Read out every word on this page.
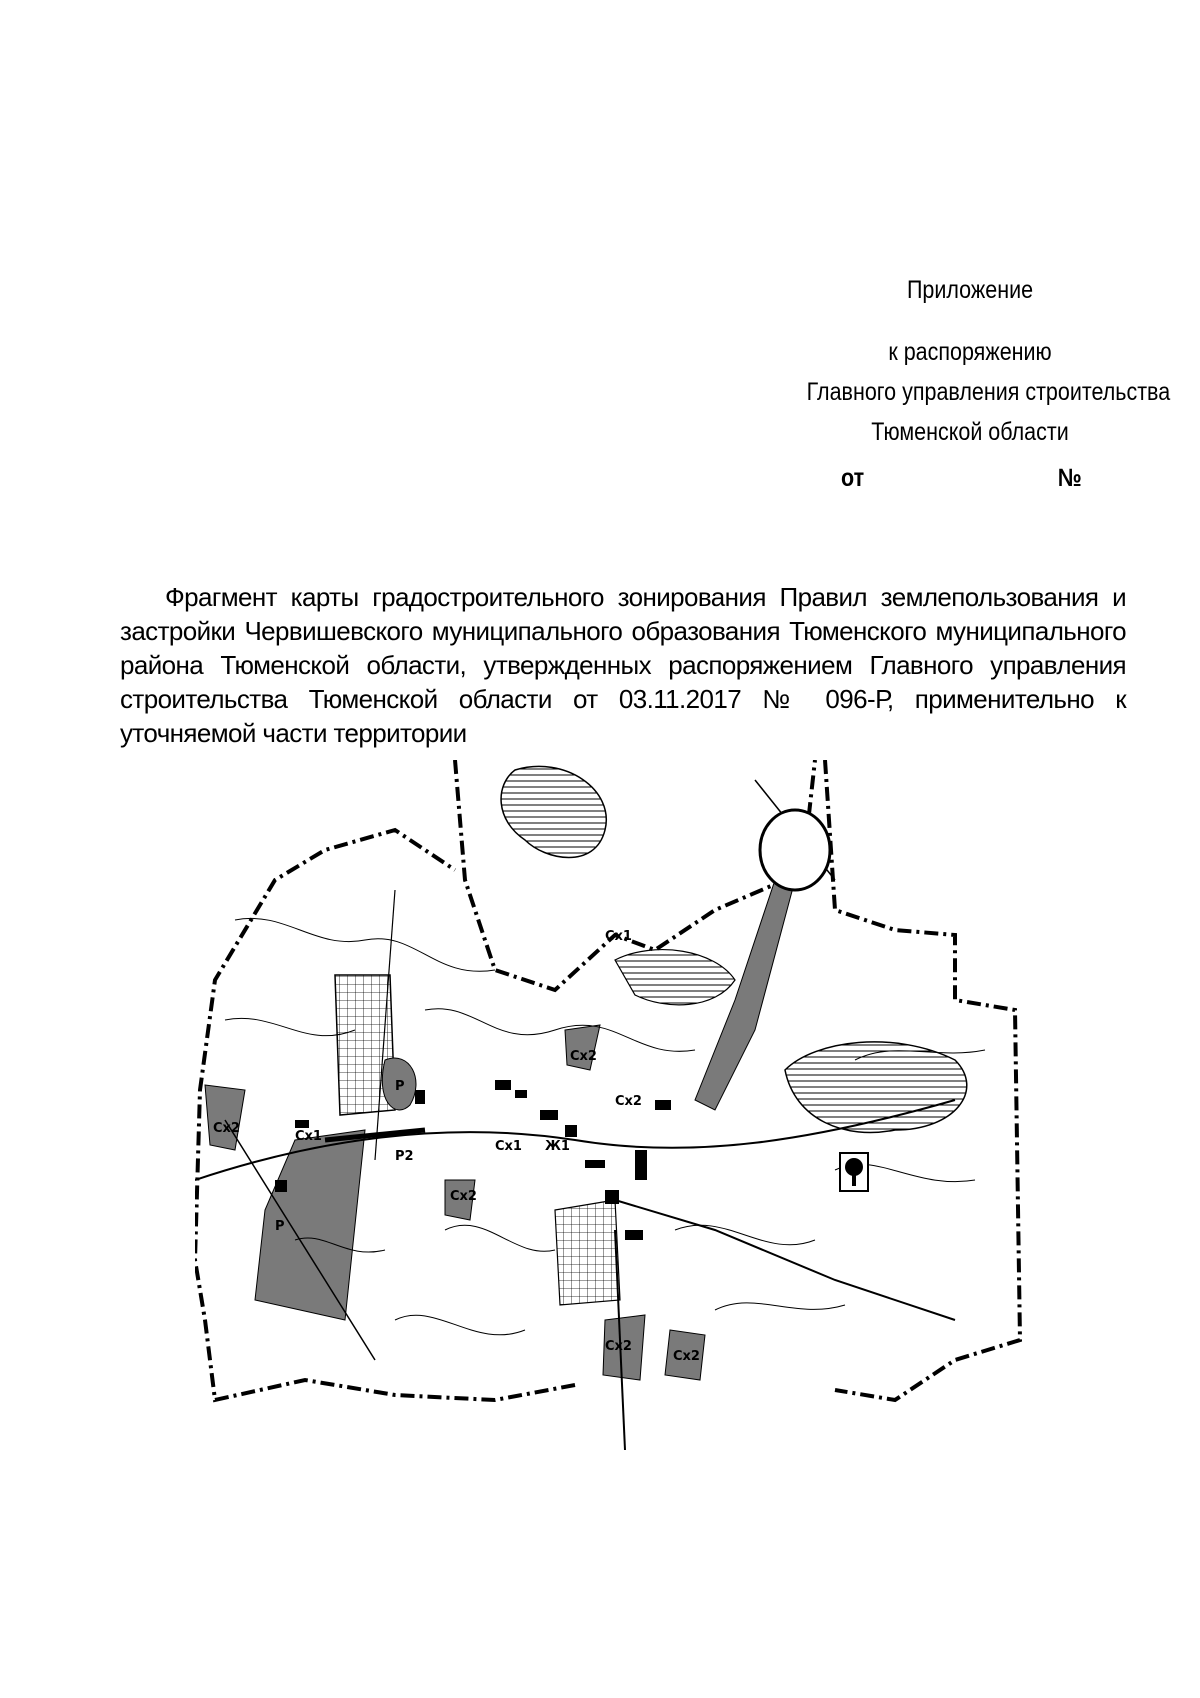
Приложение
к распоряжению
Главного управления строительства
Тюменской области
от	№
Фрагмент карты градостроительного зонирования Правил землепользования и застройки Червишевского муниципального образования Тюменского муниципального района Тюменской области, утвержденных распоряжением Главного управления строительства Тюменской области от 03.11.2017 № 096-Р, применительно к уточняемой части территории
Сх2
Сх1
Р
Р2
Сх2
Сх1
Ж1
Сх2
Сх2
Сх2
Сх1
Р
Сх2
